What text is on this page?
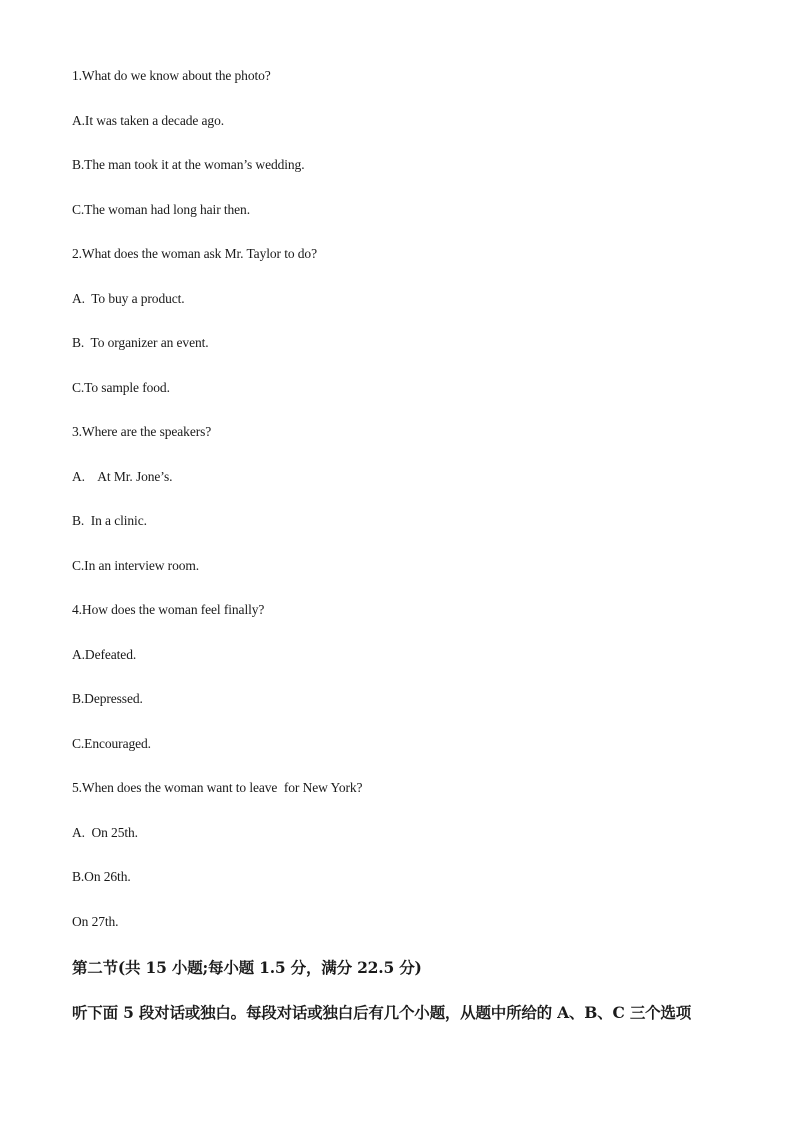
1.What do we know about the photo?
A.It was taken a decade ago.
B.The man took it at the woman’s wedding.
C.The woman had long hair then.
2.What does the woman ask Mr. Taylor to do?
A.  To buy a product.
B.  To organizer an event.
C.To sample food.
3.Where are the speakers?
A.    At Mr. Jone’s.
B.  In a clinic.
C.In an interview room.
4.How does the woman feel finally?
A.Defeated.
B.Depressed.
C.Encouraged.
5.When does the woman want to leave  for New York?
A.  On 25th.
B.On 26th.
On 27th.
第二节(共 15 小题;每小题 1.5 分，满分 22.5 分)
听下面 5 段对话或独白。每段对话或独白后有几个小题，从题中所给的 A、B、C 三个选项
